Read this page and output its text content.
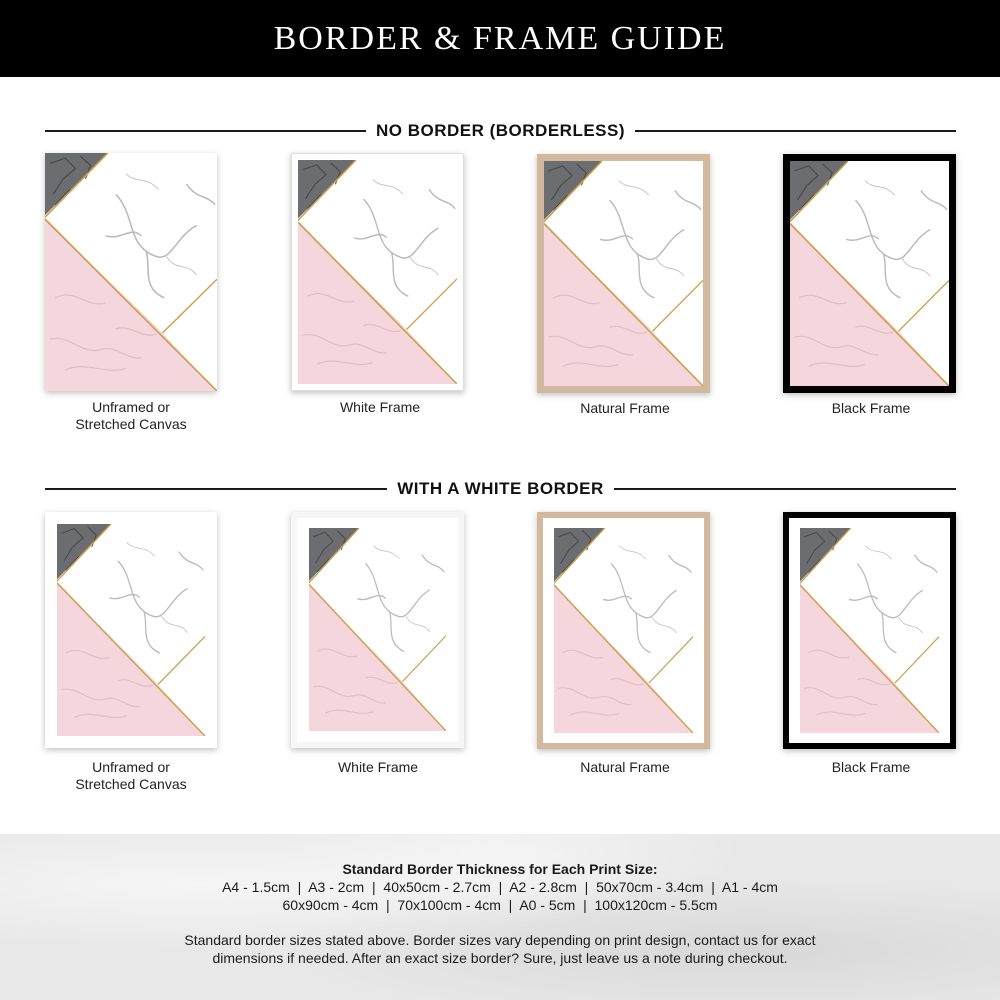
BORDER & FRAME GUIDE
NO BORDER (BORDERLESS)
Unframed or
Stretched Canvas
White Frame	Natural Frame	Black Frame
WITH A WHITE BORDER
Unframed or
Stretched Canvas
White Frame	Natural Frame	Black Frame
Standard Border Thickness for Each Print Size:
A4 - 1.5cm  |  A3 - 2cm  |  40x50cm - 2.7cm  |  A2 - 2.8cm  |  50x70cm - 3.4cm  |  A1 - 4cm
60x90cm - 4cm  |  70x100cm - 4cm  |  A0 - 5cm  |  100x120cm - 5.5cm
Standard border sizes stated above. Border sizes vary depending on print design, contact us for exact
dimensions if needed. After an exact size border? Sure, just leave us a note during checkout.
